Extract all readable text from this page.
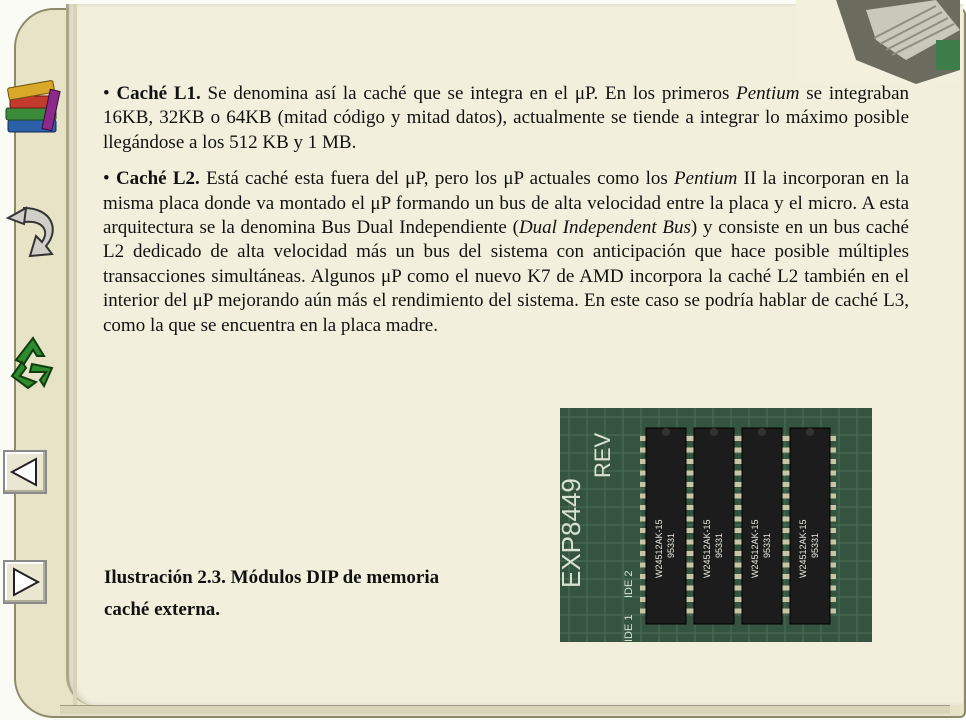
• Caché L1. Se denomina así la caché que se integra en el μP. En los primeros Pentium se integraban 16KB, 32KB o 64KB (mitad código y mitad datos), actualmente se tiende a integrar lo máximo posible llegándose a los 512 KB y 1 MB.

• Caché L2. Está caché esta fuera del μP, pero los μP actuales como los Pentium II la incorporan en la misma placa donde va montado el μP formando un bus de alta velocidad entre la placa y el micro. A esta arquitectura se la denomina Bus Dual Independiente (Dual Independent Bus) y consiste en un bus caché L2 dedicado de alta velocidad más un bus del sistema con anticipación que hace posible múltiples transacciones simultáneas. Algunos μP como el nuevo K7 de AMD incorpora la caché L2 también en el interior del μP mejorando aún más el rendimiento del sistema. En este caso se podría hablar de caché L3, como la que se encuentra en la placa madre.

EXP8449
REV
IDE 1
IDE 2
W24512AK-15 95331	W24512AK-15 95331	W24512AK-15 95331	W24512AK-15 95331
Ilustración 2.3. Módulos DIP de memoria
caché externa.
